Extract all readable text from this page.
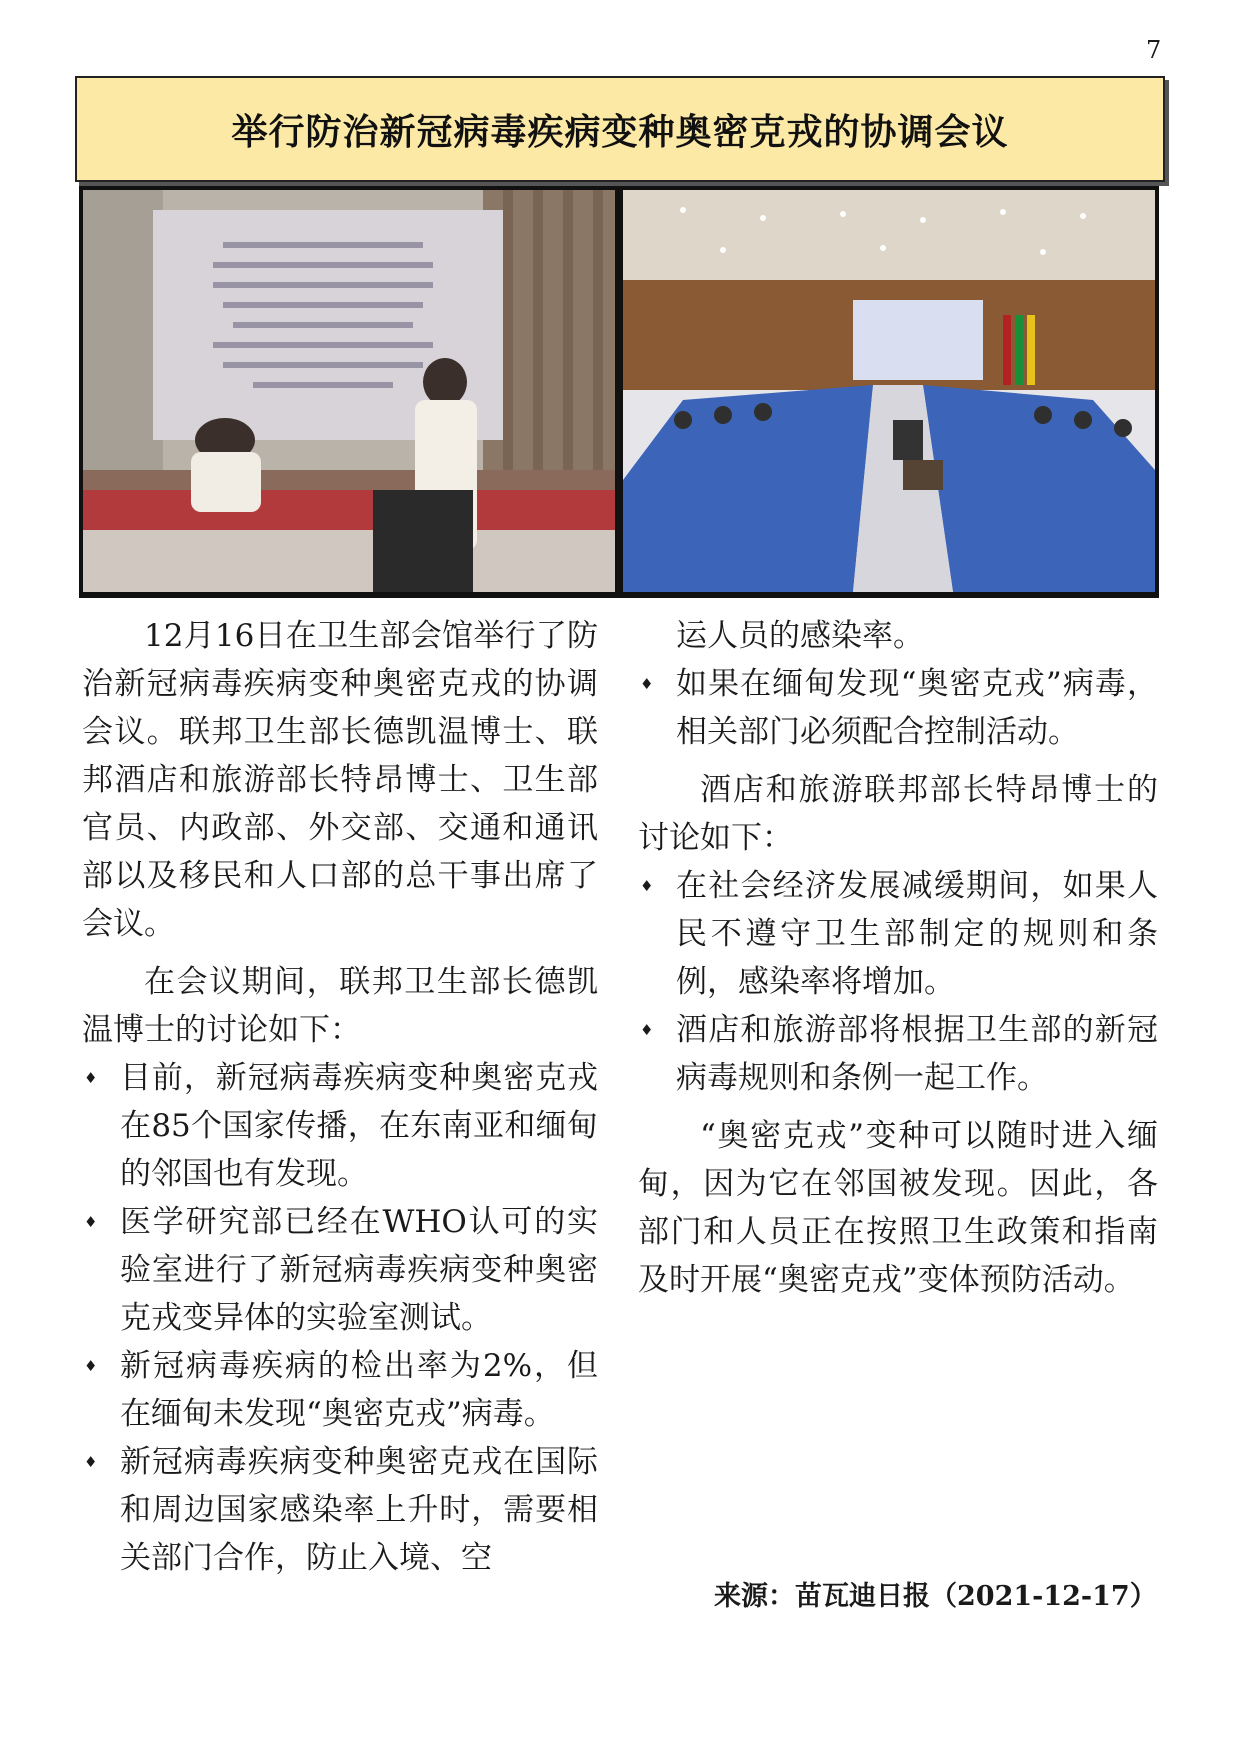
7
举行防治新冠病毒疾病变种奥密克戎的协调会议

12月16日在卫生部会馆举行了防治新冠病毒疾病变种奥密克戎的协调会议。联邦卫生部长德凯温博士、联邦酒店和旅游部长特昂博士、卫生部官员、内政部、外交部、交通和通讯部以及移民和人口部的总干事出席了会议。

在会议期间，联邦卫生部长德凯温博士的讨论如下：

♦ 目前，新冠病毒疾病变种奥密克戎在85个国家传播，在东南亚和缅甸的邻国也有发现。
♦ 医学研究部已经在WHO认可的实验室进行了新冠病毒疾病变种奥密克戎变异体的实验室测试。
♦ 新冠病毒疾病的检出率为2%，但在缅甸未发现“奥密克戎”病毒。
♦ 新冠病毒疾病变种奥密克戎在国际和周边国家感染率上升时，需要相关部门合作，防止入境、空
运人员的感染率。
♦ 如果在缅甸发现“奥密克戎”病毒，相关部门必须配合控制活动。

酒店和旅游联邦部长特昂博士的讨论如下：

♦ 在社会经济发展减缓期间，如果人民不遵守卫生部制定的规则和条例，感染率将增加。
♦ 酒店和旅游部将根据卫生部的新冠病毒规则和条例一起工作。

“奥密克戎”变种可以随时进入缅甸，因为它在邻国被发现。因此，各部门和人员正在按照卫生政策和指南及时开展“奥密克戎”变体预防活动。

来源：苗瓦迪日报（2021-12-17）
